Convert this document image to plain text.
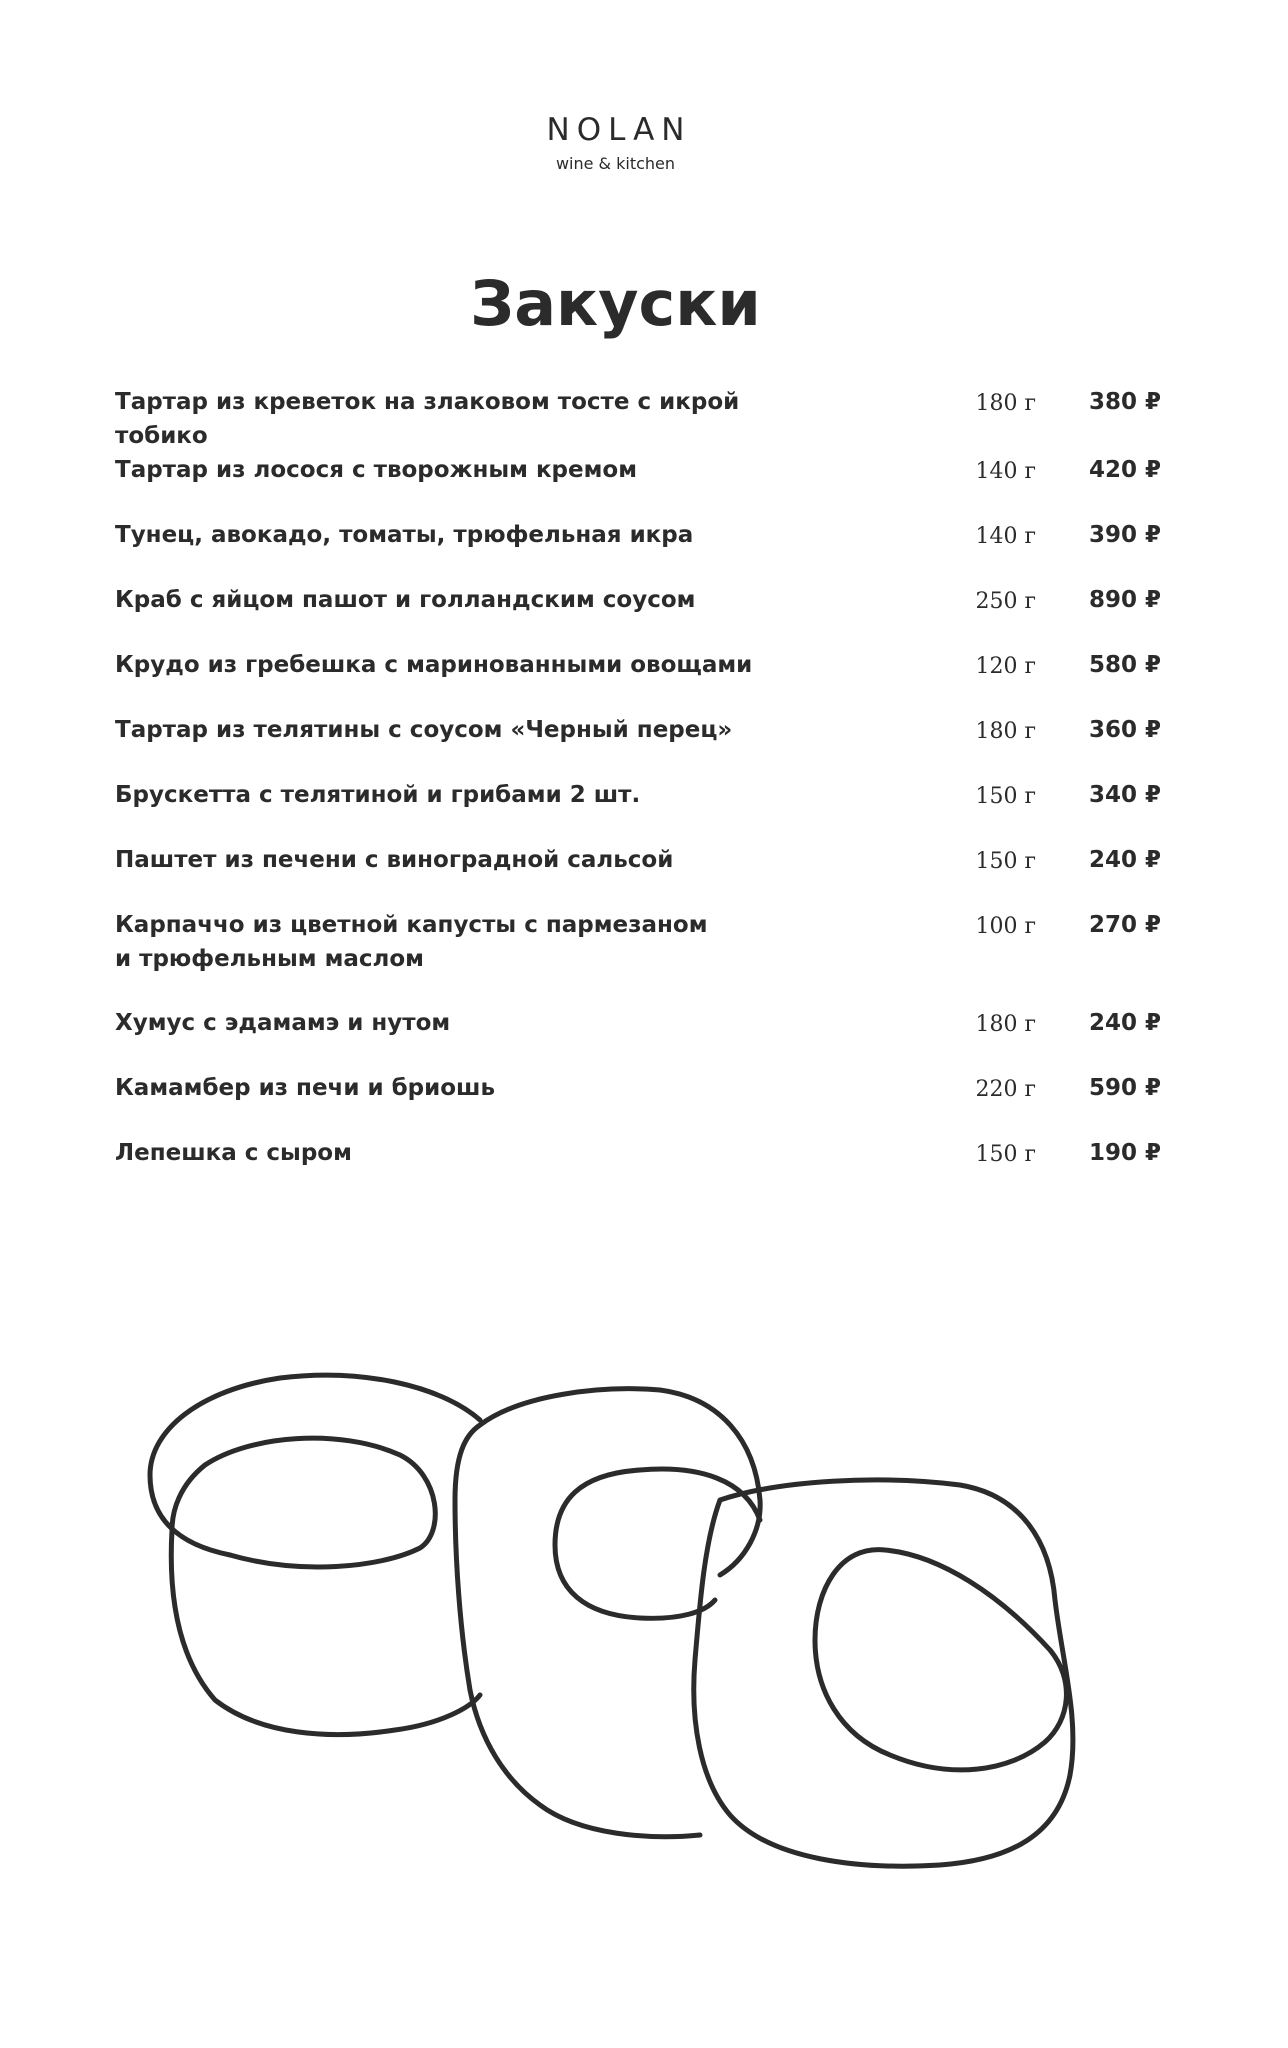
NOLAN
wine & kitchen
Закуски
Тартар из креветок на злаковом тосте с икрой тобико
180 г	380 ₽
Тартар из лосося с творожным кремом	140 г	420 ₽
Тунец, авокадо, томаты, трюфельная икра	140 г	390 ₽
Краб с яйцом пашот и голландским соусом	250 г	890 ₽
Крудо из гребешка с маринованными овощами	120 г	580 ₽
Тартар из телятины с соусом «Черный перец»	180 г	360 ₽
Брускетта с телятиной и грибами 2 шт.	150 г	340 ₽
Паштет из печени с виноградной сальсой	150 г	240 ₽
Карпаччо из цветной капусты с пармезаном
и трюфельным маслом
100 г	270 ₽
Хумус с эдамамэ и нутом	180 г	240 ₽
Камамбер из печи и бриошь	220 г	590 ₽
Лепешка с сыром	150 г	190 ₽
